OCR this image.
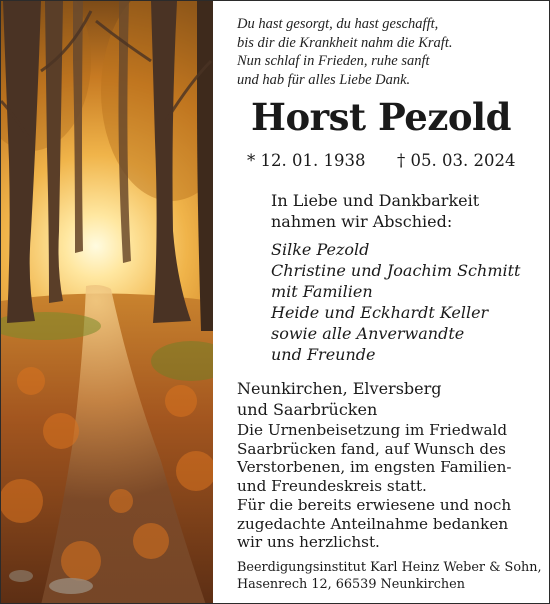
Du hast gesorgt, du hast geschafft,
bis dir die Krankheit nahm die Kraft.
Nun schlaf in Frieden, ruhe sanft
und hab für alles Liebe Dank.
Horst Pezold
* 12. 01. 1938 † 05. 03. 2024
In Liebe und Dankbarkeit
nahmen wir Abschied:
Silke Pezold
Christine und Joachim Schmitt
mit Familien
Heide und Eckhardt Keller
sowie alle Anverwandte
und Freunde
Neunkirchen, Elversberg
und Saarbrücken
Die Urnenbeisetzung im Friedwald
Saarbrücken fand, auf Wunsch des
Verstorbenen, im engsten Familien-
und Freundeskreis statt.
Für die bereits erwiesene und noch
zugedachte Anteilnahme bedanken
wir uns herzlichst.
Beerdigungsinstitut Karl Heinz Weber & Sohn,
Hasenrech 12, 66539 Neunkirchen
